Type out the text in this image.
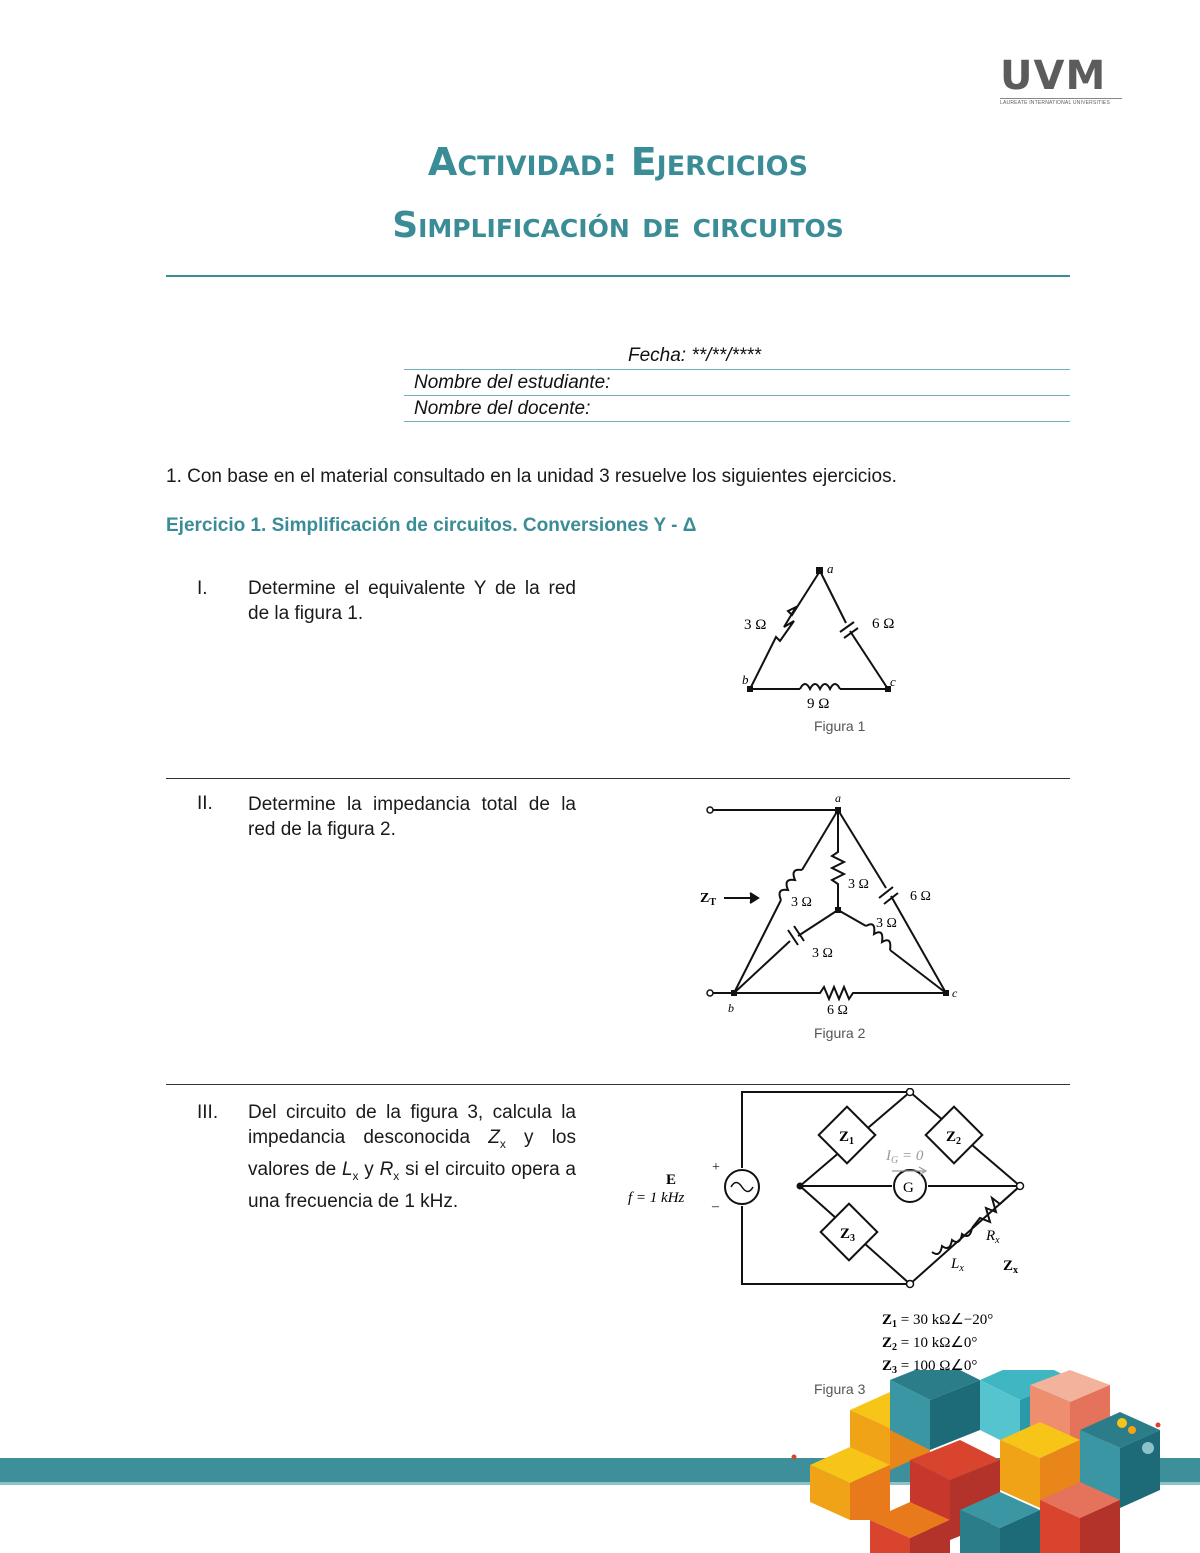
UVM
LAUREATE INTERNATIONAL UNIVERSITIES
Actividad: Ejercicios
Simplificación de circuitos
Fecha: **/**/****
Nombre del estudiante:
Nombre del docente:
1. Con base en el material consultado en la unidad 3 resuelve los siguientes ejercicios.
Ejercicio 1. Simplificación de circuitos. Conversiones Y - Δ
I. Determine el equivalente Y de la red de la figura 1.
a
b	c
3 Ω	6 Ω
9 Ω
Figura 1
II. Determine la impedancia total de la red de la figura 2.
a
b
c
$Z_T$
3 Ω
3 Ω	6 Ω
3 Ω
3 Ω
6 Ω
Figura 2
III. Del circuito de la figura 3, calcula la impedancia desconocida $Z_x$ y los valores de $L_x$ y $R_x$ si el circuito opera a una frecuencia de 1 kHz.
E
f = 1 kHz
+
–
$Z_1$	$Z_2$
$Z_3$
G
$I_G = 0$
$R_x$
$L_x$	$Z_x$
$Z_1 = 30$ kΩ∠−20°
$Z_2 = 10$ kΩ∠0°
$Z_3 = 100$ Ω∠0°
Figura 3
